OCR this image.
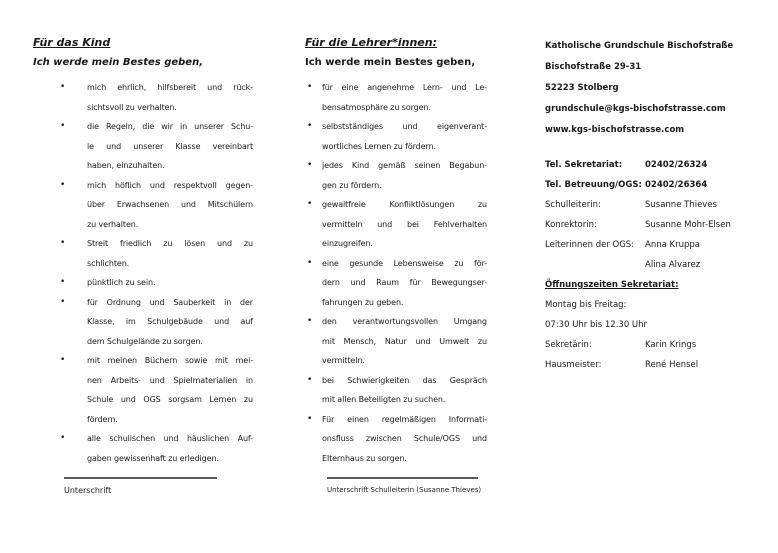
Für das Kind

Ich werde mein Bestes geben,

• mich ehrlich, hilfsbereit und rück-
sichtsvoll zu verhalten.
• die Regeln, die wir in unserer Schu-
le und unserer Klasse vereinbart
haben, einzuhalten.
• mich höflich und respektvoll gegen-
über Erwachsenen und Mitschülern
zu verhalten.
• Streit friedlich zu lösen und zu
schlichten.
• pünktlich zu sein.
• für Ordnung und Sauberkeit in der
Klasse, im Schulgebäude und auf
dem Schulgelände zu sorgen.
• mit meinen Büchern sowie mit mei-
nen Arbeits- und Spielmaterialien in
Schule und OGS sorgsam Lernen zu
fördern.
• alle schulischen und häuslichen Auf-
gaben gewissenhaft zu erledigen.
Unterschrift
Für die Lehrer*innen:

Ich werde mein Bestes geben,

• für eine angenehme Lern- und Le-
bensatmosphäre zu sorgen.
• selbstständiges und eigenverant-
wortliches Lernen zu fördern.
• jedes Kind gemäß seinen Begabun-
gen zu fördern.
• gewaltfreie Konfliktlösungen zu
vermitteln und bei Fehlverhalten
einzugreifen.
• eine gesunde Lebensweise zu för-
dern und Raum für Bewegungser-
fahrungen zu geben.
• den verantwortungsvollen Umgang
mit Mensch, Natur und Umwelt zu
vermitteln.
• bei Schwierigkeiten das Gespräch
mit allen Beteiligten zu suchen.
• Für einen regelmäßigen Informati-
onsfluss zwischen Schule/OGS und
Elternhaus zu sorgen.
Unterschrift Schulleiterin (Susanne Thieves)
Katholische Grundschule Bischofstraße
Bischofstraße 29-31
52223 Stolberg
grundschule@kgs-bischofstrasse.com
www.kgs-bischofstrasse.com
Tel. Sekretariat:	02402/26324
Tel. Betreuung/OGS: 02402/26364
Schulleiterin:	Susanne Thieves
Konrektorin:	Susanne Mohr-Elsen
Leiterinnen der OGS: Anna Kruppa
Alina Alvarez
Öffnungszeiten Sekretariat:
Montag bis Freitag:
07:30 Uhr bis 12.30 Uhr
Sekretärin:	Karin Krings
Hausmeister:	René Hensel
